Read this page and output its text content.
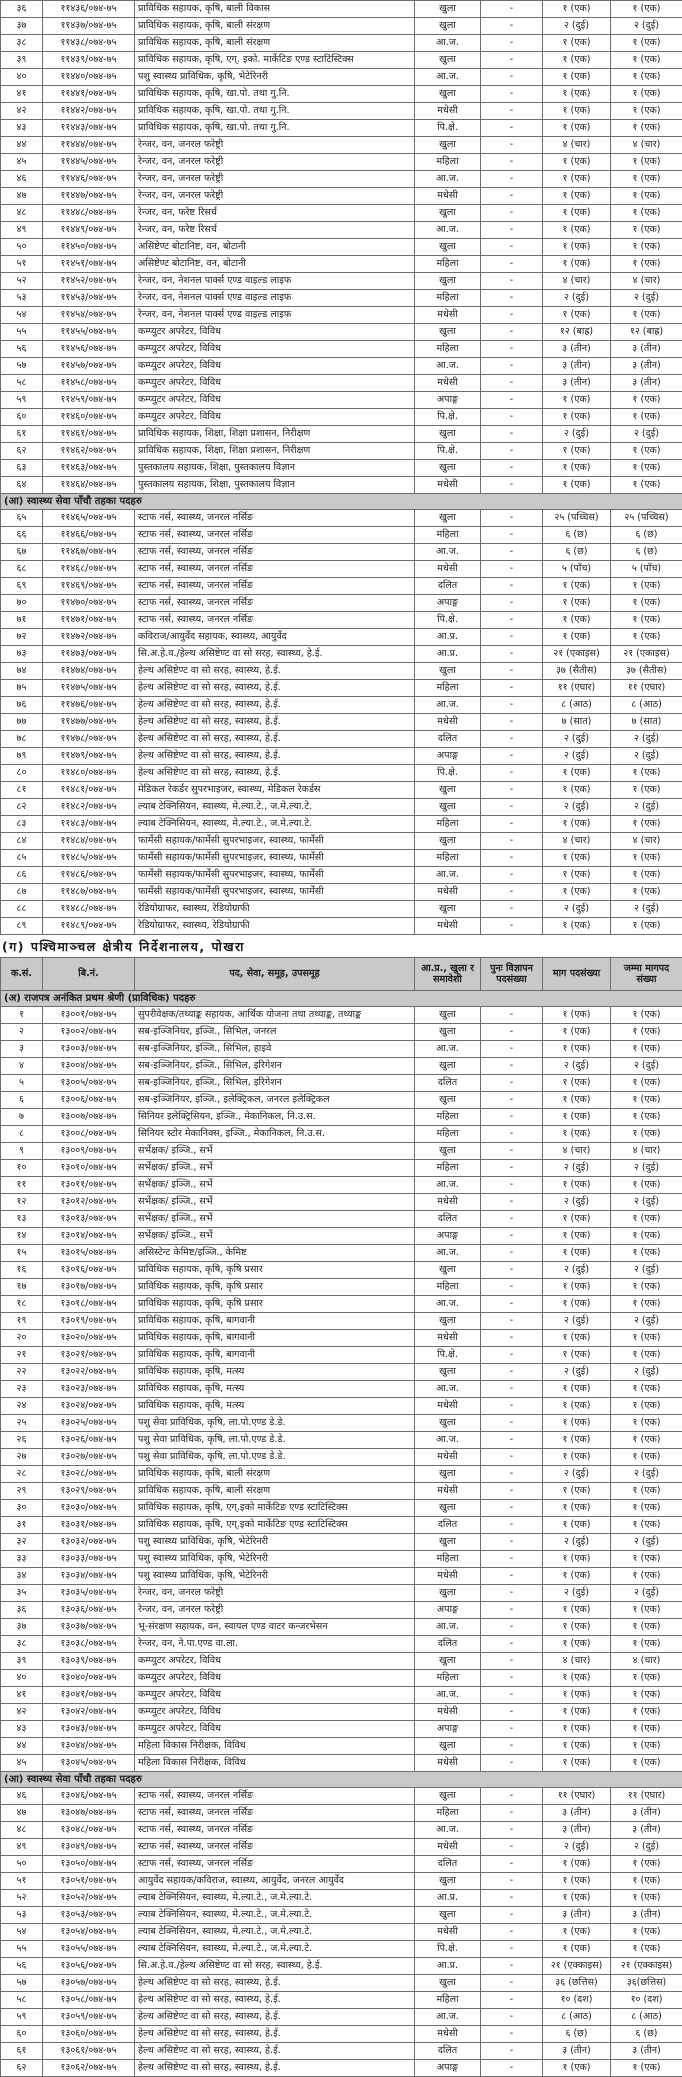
३६	११४३६/०७४-७५	प्राविधिक सहायक, कृषि, बाली विकास	खुला	-	१ (एक)	१ (एक)
३७	११४३७/०७४-७५	प्राविधिक सहायक, कृषि, बाली संरक्षण	खुला	-	२ (दुई)	२ (दुई)
३८	११४३८/०७४-७५	प्राविधिक सहायक, कृषि, बाली संरक्षण	आ.ज.	-	१ (एक)	१ (एक)
३९	११४३९/०७४-७५	प्राविधिक सहायक, कृषि, एग्. इको. मार्केटिङ एण्ड स्टाटिस्टिक्स	खुला	-	१ (एक)	१ (एक)
४०	११४४०/०७४-७५	पशु स्वास्थ्य प्राविधिक, कृषि, भेटेरिनरी	आ.ज.	-	१ (एक)	१ (एक)
४१	११४४१/०७४-७५	प्राविधिक सहायक, कृषि, खा.पो. तथा गु.नि.	खुला	-	१ (एक)	१ (एक)
४२	११४४२/०७४-७५	प्राविधिक सहायक, कृषि, खा.पो. तथा गु.नि.	मधेसी	-	१ (एक)	१ (एक)
४३	११४४३/०७४-७५	प्राविधिक सहायक, कृषि, खा.पो. तथा गु.नि.	पि.क्षे.	-	१ (एक)	१ (एक)
४४	११४४४/०७४-७५	रेन्जर, वन, जनरल फरेष्ट्री	खुला	-	४ (चार)	४ (चार)
४५	११४४५/०७४-७५	रेन्जर, वन, जनरल फरेष्ट्री	महिला	-	१ (एक)	१ (एक)
४६	११४४६/०७४-७५	रेन्जर, वन, जनरल फरेष्ट्री	आ.ज.	-	१ (एक)	१ (एक)
४७	११४४७/०७४-७५	रेन्जर, वन, जनरल फरेष्ट्री	मधेसी	-	१ (एक)	१ (एक)
४८	११४४८/०७४-७५	रेन्जर, वन, फरेष्ट रिसर्च	खुला	-	१ (एक)	१ (एक)
४९	११४४९/०७४-७५	रेन्जर, वन, फरेष्ट रिसर्च	आ.ज.	-	१ (एक)	१ (एक)
५०	११४५०/०७४-७५	असिष्टेण्ट बोटानिष्ट, वन, बोटानी	खुला	-	१ (एक)	१ (एक)
५१	११४५१/०७४-७५	असिष्टेण्ट बोटानिष्ट, वन, बोटानी	महिला	-	१ (एक)	१ (एक)
५२	११४५२/०७४-७५	रेन्जर, वन, नेशनल पार्क्स एण्ड वाइल्ड लाइफ	खुला	-	४ (चार)	४ (चार)
५३	११४५३/०७४-७५	रेन्जर, वन, नेशनल पार्क्स एण्ड वाइल्ड लाइफ	महिला	-	२ (दुई)	२ (दुई)
५४	११४५४/०७४-७५	रेन्जर, वन, नेशनल पार्क्स एण्ड वाइल्ड लाइफ	मधेसी	-	१ (एक)	१ (एक)
५५	११४५५/०७४-७५	कम्प्युटर अपरेटर, विविध	खुला	-	१२ (बाह्र)	१२ (बाह्र)
५६	११४५६/०७४-७५	कम्प्युटर अपरेटर, विविध	महिला	-	३ (तीन)	३ (तीन)
५७	११४५७/०७४-७५	कम्प्युटर अपरेटर, विविध	आ.ज.	-	३ (तीन)	३ (तीन)
५८	११४५८/०७४-७५	कम्प्युटर अपरेटर, विविध	मधेसी	-	३ (तीन)	३ (तीन)
५९	११४५९/०७४-७५	कम्प्युटर अपरेटर, विविध	अपाङ्ग	-	१ (एक)	१ (एक)
६०	११४६०/०७४-७५	कम्प्युटर अपरेटर, विविध	पि.क्षे.	-	१ (एक)	१ (एक)
६१	११४६१/०७४-७५	प्राविधिक सहायक, शिक्षा, शिक्षा प्रशासन, निरीक्षण	खुला	-	२ (दुई)	२ (दुई)
६२	११४६२/०७४-७५	प्राविधिक सहायक, शिक्षा, शिक्षा प्रशासन, निरीक्षण	पि.क्षे.	-	१ (एक)	१ (एक)
६३	११४६३/०७४-७५	पुस्तकालय सहायक, शिक्षा, पुस्तकालय विज्ञान	खुला	-	१ (एक)	१ (एक)
६४	११४६४/०७४-७५	पुस्तकालय सहायक, शिक्षा, पुस्तकालय विज्ञान	मधेसी	-	१ (एक)	१ (एक)
(आ) स्वास्थ्य सेवा पाँचौ तहका पदहरु						
६५	११४६५/०७४-७५	स्टाफ नर्स, स्वास्थ्य, जनरल नर्सिङ	खुला	-	२५ (पच्चिस)	२५ (पच्चिस)
६६	११४६६/०७४-७५	स्टाफ नर्स, स्वास्थ्य, जनरल नर्सिङ	महिला	-	६ (छ)	६ (छ)
६७	११४६७/०७४-७५	स्टाफ नर्स, स्वास्थ्य, जनरल नर्सिङ	आ.ज.	-	६ (छ)	६ (छ)
६८	११४६८/०७४-७५	स्टाफ नर्स, स्वास्थ्य, जनरल नर्सिङ	मधेसी	-	५ (पाँच)	५ (पाँच)
६९	११४६९/०७४-७५	स्टाफ नर्स, स्वास्थ्य, जनरल नर्सिङ	दलित	-	१ (एक)	१ (एक)
७०	११४७०/०७४-७५	स्टाफ नर्स, स्वास्थ्य, जनरल नर्सिङ	अपाङ्ग	-	१ (एक)	१ (एक)
७१	११४७१/०७४-७५	स्टाफ नर्स, स्वास्थ्य, जनरल नर्सिङ	पि.क्षे.	-	१ (एक)	१ (एक)
७२	११४७२/०७४-७५	कविराज/आयुर्वेद सहायक, स्वास्थ्य, आयुर्वेद	आ.प्र.	-	१ (एक)	१ (एक)
७३	११४७३/०७४-७५	सि.अ.हे.व./हेल्थ असिष्टेण्ट वा सो सरह, स्वास्थ्य, हे.ई.	आ.प्र.	-	२१ (एकाइस)	२१ (एकाइस)
७४	११४७४/०७४-७५	हेल्थ असिष्टेण्ट वा सो सरह, स्वास्थ्य, हे.ई.	खुला	-	३७ (सैतीस)	३७ (सैतीस)
७५	११४७५/०७४-७५	हेल्थ असिष्टेण्ट वा सो सरह, स्वास्थ्य, हे.ई.	महिला	-	११ (एघार)	११ (एघार)
७६	११४७६/०७४-७५	हेल्थ असिष्टेण्ट वा सो सरह, स्वास्थ्य, हे.ई.	आ.ज.	-	८ (आठ)	८ (आठ)
७७	११४७७/०७४-७५	हेल्थ असिष्टेण्ट वा सो सरह, स्वास्थ्य, हे.ई.	मधेसी	-	७ (सात)	७ (सात)
७८	११४७८/०७४-७५	हेल्थ असिष्टेण्ट वा सो सरह, स्वास्थ्य, हे.ई.	दलित	-	२ (दुई)	२ (दुई)
७९	११४७९/०७४-७५	हेल्थ असिष्टेण्ट वा सो सरह, स्वास्थ्य, हे.ई.	अपाङ्ग	-	२ (दुई)	२ (दुई)
८०	११४८०/०७४-७५	हेल्थ असिष्टेण्ट वा सो सरह, स्वास्थ्य, हे.ई.	पि.क्षे.	-	१ (एक)	१ (एक)
८१	११४८१/०७४-७५	मेडिकल रेकर्डर सुपरभाइजर, स्वास्थ्य, मेडिकल रेकर्डस	खुला	-	१ (एक)	१ (एक)
८२	११४८२/०७४-७५	ल्याब टेक्निसियन, स्वास्थ्य, मे.ल्या.टे., ज.मे.ल्या.टे.	खुला	-	२ (दुई)	२ (दुई)
८३	११४८३/०७४-७५	ल्याब टेक्निसियन, स्वास्थ्य, मे.ल्या.टे., ज.मे.ल्या.टे.	महिला	-	१ (एक)	१ (एक)
८४	११४८४/०७४-७५	फार्मेसी सहायक/फार्मेसी सुपरभाइजर, स्वास्थ्य, फार्मेसी	खुला	-	४ (चार)	४ (चार)
८५	११४८५/०७४-७५	फार्मेसी सहायक/फार्मेसी सुपरभाइजर, स्वास्थ्य, फार्मेसी	महिला	-	१ (एक)	१ (एक)
८६	११४८६/०७४-७५	फार्मेसी सहायक/फार्मेसी सुपरभाइजर, स्वास्थ्य, फार्मेसी	आ.ज.	-	१ (एक)	१ (एक)
८७	११४८७/०७४-७५	फार्मेसी सहायक/फार्मेसी सुपरभाइजर, स्वास्थ्य, फार्मेसी	मधेसी	-	१ (एक)	१ (एक)
८८	११४८८/०७४-७५	रेडियोग्राफर, स्वास्थ्य, रेडियोग्राफी	खुला	-	२ (दुई)	२ (दुई)
८९	११४८९/०७४-७५	रेडियोग्राफर, स्वास्थ्य, रेडियोग्राफी	मधेसी	-	१ (एक)	१ (एक)
(ग) पश्चिमाञ्चल क्षेत्रीय निर्देशनालय, पोखरा
क.सं.	बि.नं.	पद, सेवा, समूह, उपसमूह	आ.प्र., खुला र समावेशी	पुनः विज्ञापन पदसंख्या	माग पदसंख्या	जम्मा मागपद संख्या
(अ) राजपत्र अनंकित प्रथम श्रेणी (प्राविधिक) पदहरु						
१	१३००१/०७४-७५	सुपरीवेक्षक/तथ्याङ्क सहायक, आर्थिक योजना तथा तथ्याङ्क, तथ्याङ्क	खुला	-	१ (एक)	१ (एक)
२	१३००२/०७४-७५	सब-इञ्जिनियर, इञ्जि., सिभिल, जनरल	खुला	-	१ (एक)	१ (एक)
३	१३००३/०७४-७५	सब-इञ्जिनियर, इञ्जि., सिभिल, हाइवे	आ.ज.	-	१ (एक)	१ (एक)
४	१३००४/०७४-७५	सब-इञ्जिनियर, इञ्जि., सिभिल, इरिगेशन	खुला	-	२ (दुई)	२ (दुई)
५	१३००५/०७४-७५	सब-इञ्जिनियर, इञ्जि., सिभिल, इरिगेशन	दलित	-	१ (एक)	१ (एक)
६	१३००६/०७४-७५	सब-इञ्जिनियर, इञ्जि., इलेक्ट्रिकल, जनरल इलेक्ट्रिकल	खुला	-	१ (एक)	१ (एक)
७	१३००७/०७४-७५	सिनियर इलेक्ट्रिसियन, इञ्जि., मेकानिकल, नि.उ.स.	महिला	-	१ (एक)	१ (एक)
८	१३००८/०७४-७५	सिनियर स्टोर मेकानिक्स, इञ्जि., मेकानिकल, नि.उ.स.	महिला	-	१ (एक)	१ (एक)
९	१३००९/०७४-७५	सर्भेक्षक/ इञ्जि., सर्भे	खुला	-	४ (चार)	४ (चार)
१०	१३०१०/०७४-७५	सर्भेक्षक/ इञ्जि., सर्भे	महिला	-	२ (दुई)	२ (दुई)
११	१३०११/०७४-७५	सर्भेक्षक/ इञ्जि., सर्भे	आ.ज.	-	१ (एक)	१ (एक)
१२	१३०१२/०७४-७५	सर्भेक्षक/ इञ्जि., सर्भे	मधेसी	-	२ (दुई)	२ (दुई)
१३	१३०१३/०७४-७५	सर्भेक्षक/ इञ्जि., सर्भे	दलित	-	१ (एक)	१ (एक)
१४	१३०१४/०७४-७५	सर्भेक्षक/ इञ्जि., सर्भे	अपाङ्ग	-	१ (एक)	१ (एक)
१५	१३०१५/०७४-७५	असिस्टेन्ट केमिष्ट/इञ्जि., केमिष्ट	आ.ज.	-	१ (एक)	१ (एक)
१६	१३०१६/०७४-७५	प्राविधिक सहायक, कृषि, कृषि प्रसार	खुला	-	२ (दुई)	२ (दुई)
१७	१३०१७/०७४-७५	प्राविधिक सहायक, कृषि, कृषि प्रसार	महिला	-	१ (एक)	१ (एक)
१८	१३०१८/०७४-७५	प्राविधिक सहायक, कृषि, कृषि प्रसार	आ.ज.	-	१ (एक)	१ (एक)
१९	१३०१९/०७४-७५	प्राविधिक सहायक, कृषि, बागवानी	खुला	-	२ (दुई)	२ (दुई)
२०	१३०२०/०७४-७५	प्राविधिक सहायक, कृषि, बागवानी	मधेसी	-	१ (एक)	१ (एक)
२१	१३०२१/०७४-७५	प्राविधिक सहायक, कृषि, बागवानी	पि.क्षे.	-	१ (एक)	१ (एक)
२२	१३०२२/०७४-७५	प्राविधिक सहायक, कृषि, मत्स्य	खुला	-	२ (दुई)	२ (दुई)
२३	१३०२३/०७४-७५	प्राविधिक सहायक, कृषि, मत्स्य	आ.ज.	-	१ (एक)	१ (एक)
२४	१३०२४/०७४-७५	प्राविधिक सहायक, कृषि, मत्स्य	मधेसी	-	१ (एक)	१ (एक)
२५	१३०२५/०७४-७५	पशु सेवा प्राविधिक, कृषि, ला.पो.एण्ड डे.डे.	खुला	-	१ (एक)	१ (एक)
२६	१३०२६/०७४-७५	पशु सेवा प्राविधिक, कृषि, ला.पो.एण्ड डे.डे.	आ.ज.	-	१ (एक)	१ (एक)
२७	१३०२७/०७४-७५	पशु सेवा प्राविधिक, कृषि, ला.पो.एण्ड डे.डे.	मधेसी	-	१ (एक)	१ (एक)
२८	१३०२८/०७४-७५	प्राविधिक सहायक, कृषि, बाली संरक्षण	खुला	-	२ (दुई)	२ (दुई)
२९	१३०२९/०७४-७५	प्राविधिक सहायक, कृषि, बाली संरक्षण	मधेसी	-	१ (एक)	१ (एक)
३०	१३०३०/०७४-७५	प्राविधिक सहायक, कृषि, एग्.इको मार्केटिङ एण्ड स्टाटिस्टिक्स	खुला	-	१ (एक)	१ (एक)
३१	१३०३१/०७४-७५	प्राविधिक सहायक, कृषि, एग्.इको मार्केटिङ एण्ड स्टाटिस्टिक्स	दलित	-	१ (एक)	१ (एक)
३२	१३०३२/०७४-७५	पशु स्वास्थ्य प्राविधिक, कृषि, भेटेरिनरी	खुला	-	२ (दुई)	२ (दुई)
३३	१३०३३/०७४-७५	पशु स्वास्थ्य प्राविधिक, कृषि, भेटेरिनरी	महिला	-	१ (एक)	१ (एक)
३४	१३०३४/०७४-७५	पशु स्वास्थ्य प्राविधिक, कृषि, भेटेरिनरी	मधेसी	-	१ (एक)	१ (एक)
३५	१३०३५/०७४-७५	रेन्जर, वन, जनरल फरेष्ट्री	खुला	-	२ (दुई)	२ (दुई)
३६	१३०३६/०७४-७५	रेन्जर, वन, जनरल फरेष्ट्री	अपाङ्ग	-	१ (एक)	१ (एक)
३७	१३०३७/०७४-७५	भू-संरक्षण सहायक, वन, स्वायल एण्ड वाटर कन्जरभेसन	आ.ज.	-	१ (एक)	१ (एक)
३८	१३०३८/०७४-७५	रेन्जर, वन, ने.पा.एण्ड वा.ला.	दलित	-	१ (एक)	१ (एक)
३९	१३०३९/०७४-७५	कम्प्युटर अपरेटर, विविध	खुला	-	४ (चार)	४ (चार)
४०	१३०४०/०७४-७५	कम्प्युटर अपरेटर, विविध	महिला	-	१ (एक)	१ (एक)
४१	१३०४१/०७४-७५	कम्प्युटर अपरेटर, विविध	आ.ज.	-	१ (एक)	१ (एक)
४२	१३०४२/०७४-७५	कम्प्युटर अपरेटर, विविध	मधेसी	-	१ (एक)	१ (एक)
४३	१३०४३/०७४-७५	कम्प्युटर अपरेटर, विविध	अपाङ्ग	-	१ (एक)	१ (एक)
४४	१३०४४/०७४-७५	महिला विकास निरीक्षक, विविध	खुला	-	१ (एक)	१ (एक)
४५	१३०४५/०७४-७५	महिला विकास निरीक्षक, विविध	मधेसी	-	१ (एक)	१ (एक)
(आ) स्वास्थ्य सेवा पाँचौ तहका पदहरु						
४६	१३०४६/०७४-७५	स्टाफ नर्स, स्वास्थ्य, जनरल नर्सिङ	खुला	-	११ (एघार)	११ (एघार)
४७	१३०४७/०७४-७५	स्टाफ नर्स, स्वास्थ्य, जनरल नर्सिङ	महिला	-	३ (तीन)	३ (तीन)
४८	१३०४८/०७४-७५	स्टाफ नर्स, स्वास्थ्य, जनरल नर्सिङ	आ.ज.	-	३ (तीन)	३ (तीन)
४९	१३०४९/०७४-७५	स्टाफ नर्स, स्वास्थ्य, जनरल नर्सिङ	मधेसी	-	२ (दुई)	२ (दुई)
५०	१३०५०/०७४-७५	स्टाफ नर्स, स्वास्थ्य, जनरल नर्सिङ	दलित	-	१ (एक)	१ (एक)
५१	१३०५१/०७४-७५	आयुर्वेद सहायक/कविराज, स्वास्थ्य, आयुर्वेद, जनरल आयुर्वेद	खुला	-	१ (एक)	१ (एक)
५२	१३०५२/०७४-७५	ल्याब टेक्निसियन, स्वास्थ्य, मे.ल्या.टे., ज.मे.ल्या.टे.	आ.प्र.	-	१ (एक)	१ (एक)
५३	१३०५३/०७४-७५	ल्याब टेक्निसियन, स्वास्थ्य, मे.ल्या.टे., ज.मे.ल्या.टे.	खुला	-	३ (तीन)	३ (तीन)
५४	१३०५४/०७४-७५	ल्याब टेक्निसियन, स्वास्थ्य, मे.ल्या.टे., ज.मे.ल्या.टे.	मधेसी	-	१ (एक)	१ (एक)
५५	१३०५५/०७४-७५	ल्याब टेक्निसियन, स्वास्थ्य, मे.ल्या.टे., ज.मे.ल्या.टे.	पि.क्षे.	-	१ (एक)	१ (एक)
५६	१३०५६/०७४-७५	सि.अ.हे.व./हेल्थ असिष्टेण्ट वा सो सरह, स्वास्थ्य, हे.ई.	आ.प्र.	-	२१ (एक्काइस)	२१ (एक्काइस)
५७	१३०५७/०७४-७५	हेल्थ असिष्टेण्ट वा सो सरह, स्वास्थ्य, हे.ई.	खुला	-	३६ (छत्तिस)	३६(छत्तिस)
५८	१३०५८/०७४-७५	हेल्थ असिष्टेण्ट वा सो सरह, स्वास्थ्य, हे.ई.	महिला	-	१० (दश)	१० (दश)
५९	१३०५९/०७४-७५	हेल्थ असिष्टेण्ट वा सो सरह, स्वास्थ्य, हे.ई.	आ.ज.	-	८ (आठ)	८ (आठ)
६०	१३०६०/०७४-७५	हेल्थ असिष्टेण्ट वा सो सरह, स्वास्थ्य, हे.ई.	मधेसी	-	६ (छ)	६ (छ)
६१	१३०६१/०७४-७५	हेल्थ असिष्टेण्ट वा सो सरह, स्वास्थ्य, हे.ई.	दलित	-	३ (तीन)	३ (तीन)
६२	१३०६२/०७४-७५	हेल्थ असिष्टेण्ट वा सो सरह, स्वास्थ्य, हे.ई.	अपाङ्ग	-	१ (एक)	१ (एक)
